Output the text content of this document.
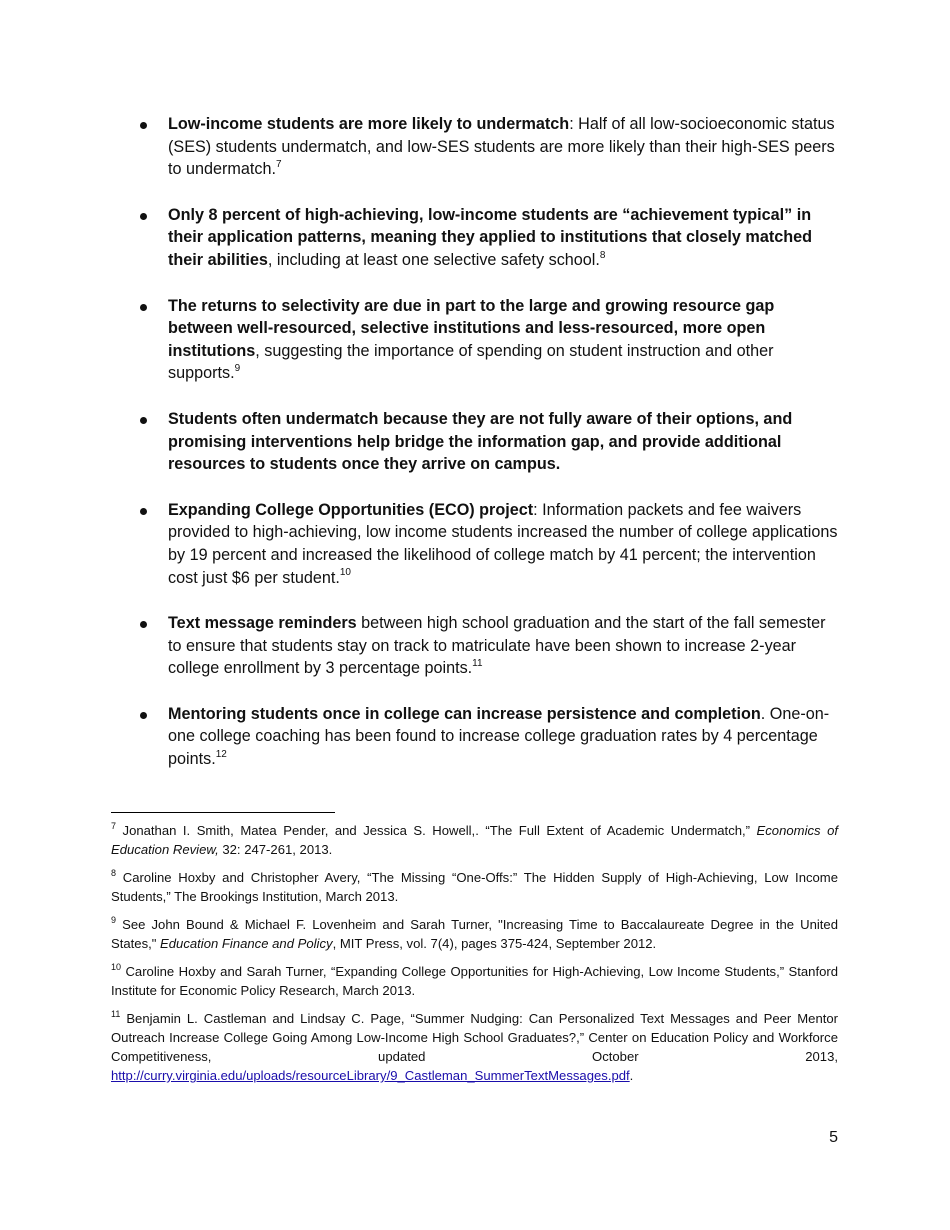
Low-income students are more likely to undermatch: Half of all low-socioeconomic status (SES) students undermatch, and low-SES students are more likely than their high-SES peers to undermatch.$^7$
Only 8 percent of high-achieving, low-income students are “achievement typical” in their application patterns, meaning they applied to institutions that closely matched their abilities, including at least one selective safety school.$^8$
The returns to selectivity are due in part to the large and growing resource gap between well-resourced, selective institutions and less-resourced, more open institutions, suggesting the importance of spending on student instruction and other supports.$^9$
Students often undermatch because they are not fully aware of their options, and promising interventions help bridge the information gap, and provide additional resources to students once they arrive on campus.
Expanding College Opportunities (ECO) project: Information packets and fee waivers provided to high-achieving, low income students increased the number of college applications by 19 percent and increased the likelihood of college match by 41 percent; the intervention cost just $6 per student.$^{10}$
Text message reminders between high school graduation and the start of the fall semester to ensure that students stay on track to matriculate have been shown to increase 2-year college enrollment by 3 percentage points.$^{11}$
Mentoring students once in college can increase persistence and completion. One-on-one college coaching has been found to increase college graduation rates by 4 percentage points.$^{12}$

$^7$ Jonathan I. Smith, Matea Pender, and Jessica S. Howell,. “The Full Extent of Academic Undermatch,” Economics of Education Review, 32: 247-261, 2013.

$^8$ Caroline Hoxby and Christopher Avery, “The Missing “One-Offs:” The Hidden Supply of High-Achieving, Low Income Students,” The Brookings Institution, March 2013.

$^9$ See John Bound & Michael F. Lovenheim and Sarah Turner, "Increasing Time to Baccalaureate Degree in the United States," Education Finance and Policy, MIT Press, vol. 7(4), pages 375-424, September 2012.

$^{10}$ Caroline Hoxby and Sarah Turner, “Expanding College Opportunities for High-Achieving, Low Income Students,” Stanford Institute for Economic Policy Research, March 2013.

$^{11}$ Benjamin L. Castleman and Lindsay C. Page, “Summer Nudging: Can Personalized Text Messages and Peer Mentor Outreach Increase College Going Among Low-Income High School Graduates?,” Center on Education Policy and Workforce Competitiveness, updated October 2013, http://curry.virginia.edu/uploads/resourceLibrary/9_Castleman_SummerTextMessages.pdf.

5
